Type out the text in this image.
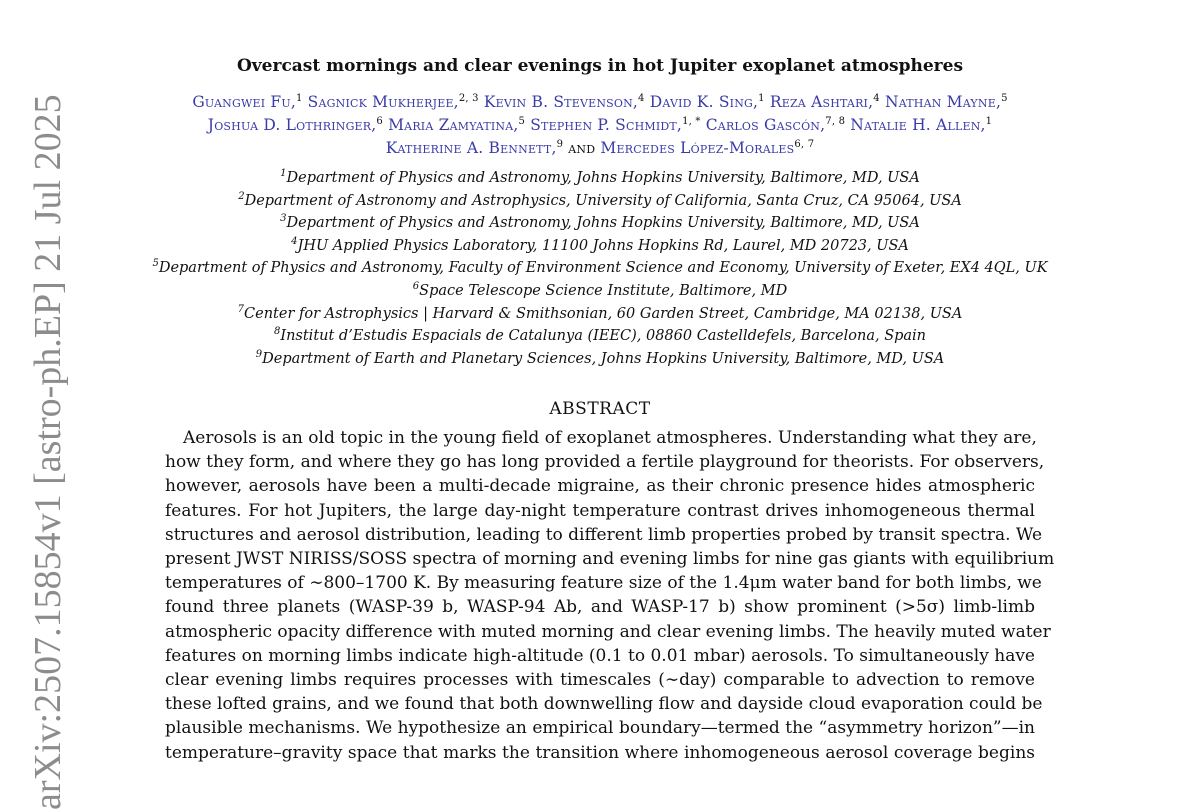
arXiv:2507.15854v1 [astro-ph.EP] 21 Jul 2025
Overcast mornings and clear evenings in hot Jupiter exoplanet atmospheres
Guangwei Fu,$^1$ Sagnick Mukherjee,$^{2, 3}$ Kevin B. Stevenson,$^4$ David K. Sing,$^1$ Reza Ashtari,$^4$ Nathan Mayne,$^5$
Joshua D. Lothringer,$^6$ Maria Zamyatina,$^5$ Stephen P. Schmidt,$^{1, *}$ Carlos Gascón,$^{7, 8}$ Natalie H. Allen,$^1$
Katherine A. Bennett,$^9$ and Mercedes López-Morales$^{6, 7}$
$^1$Department of Physics and Astronomy, Johns Hopkins University, Baltimore, MD, USA
$^2$Department of Astronomy and Astrophysics, University of California, Santa Cruz, CA 95064, USA
$^3$Department of Physics and Astronomy, Johns Hopkins University, Baltimore, MD, USA
$^4$JHU Applied Physics Laboratory, 11100 Johns Hopkins Rd, Laurel, MD 20723, USA
$^5$Department of Physics and Astronomy, Faculty of Environment Science and Economy, University of Exeter, EX4 4QL, UK
$^6$Space Telescope Science Institute, Baltimore, MD
$^7$Center for Astrophysics | Harvard & Smithsonian, 60 Garden Street, Cambridge, MA 02138, USA
$^8$Institut d’Estudis Espacials de Catalunya (IEEC), 08860 Castelldefels, Barcelona, Spain
$^9$Department of Earth and Planetary Sciences, Johns Hopkins University, Baltimore, MD, USA
ABSTRACT
Aerosols is an old topic in the young field of exoplanet atmospheres. Understanding what they are,
how they form, and where they go has long provided a fertile playground for theorists. For observers,
however, aerosols have been a multi-decade migraine, as their chronic presence hides atmospheric
features. For hot Jupiters, the large day-night temperature contrast drives inhomogeneous thermal
structures and aerosol distribution, leading to different limb properties probed by transit spectra. We
present JWST NIRISS/SOSS spectra of morning and evening limbs for nine gas giants with equilibrium
temperatures of ∼800–1700 K. By measuring feature size of the 1.4μm water band for both limbs, we
found three planets (WASP-39 b, WASP-94 Ab, and WASP-17 b) show prominent (>5σ) limb-limb
atmospheric opacity difference with muted morning and clear evening limbs. The heavily muted water
features on morning limbs indicate high-altitude (0.1 to 0.01 mbar) aerosols. To simultaneously have
clear evening limbs requires processes with timescales (∼day) comparable to advection to remove
these lofted grains, and we found that both downwelling flow and dayside cloud evaporation could be
plausible mechanisms. We hypothesize an empirical boundary—termed the “asymmetry horizon”—in
temperature–gravity space that marks the transition where inhomogeneous aerosol coverage begins
